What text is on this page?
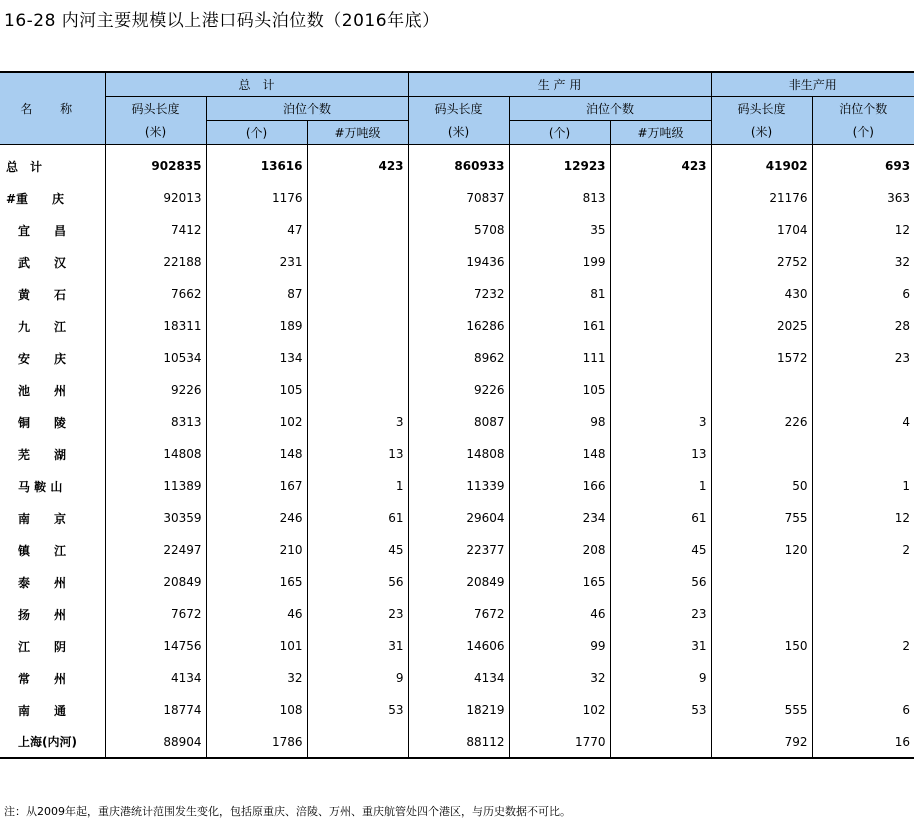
16-28 内河主要规模以上港口码头泊位数（2016年底）
名 称	总　计			生 产 用			非生产用	
	码头长度	泊位个数		码头长度	泊位个数		码头长度	泊位个数
	(米)	(个)	#万吨级	(米)	(个)	#万吨级	(米)	(个)
总　计	902835	13616	423	860933	12923	423	41902	693
#重　　庆	92013	1176		70837	813		21176	363
　宜　　昌	7412	47		5708	35		1704	12
　武　　汉	22188	231		19436	199		2752	32
　黄　　石	7662	87		7232	81		430	6
　九　　江	18311	189		16286	161		2025	28
　安　　庆	10534	134		8962	111		1572	23
　池　　州	9226	105		9226	105			
　铜　　陵	8313	102	3	8087	98	3	226	4
　芜　　湖	14808	148	13	14808	148	13		
　马 鞍 山	11389	167	1	11339	166	1	50	1
　南　　京	30359	246	61	29604	234	61	755	12
　镇　　江	22497	210	45	22377	208	45	120	2
　泰　　州	20849	165	56	20849	165	56		
　扬　　州	7672	46	23	7672	46	23		
　江　　阴	14756	101	31	14606	99	31	150	2
　常　　州	4134	32	9	4134	32	9		
　南　　通	18774	108	53	18219	102	53	555	6
　上海(内河)	88904	1786		88112	1770		792	16
注：从2009年起，重庆港统计范围发生变化，包括原重庆、涪陵、万州、重庆航管处四个港区，与历史数据不可比。
